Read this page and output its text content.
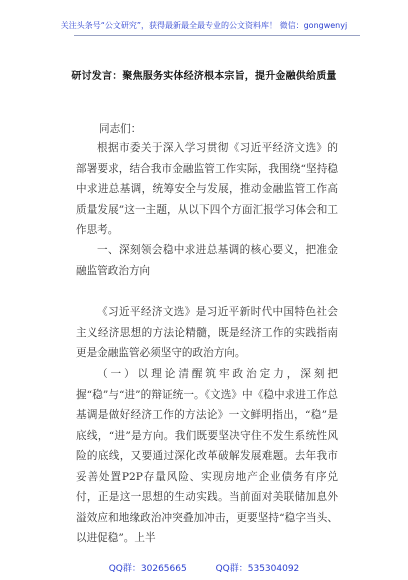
关注头条号“公文研究”，获得最新最全最专业的公文资料库！ 微信：gongwenyj
研讨发言：聚焦服务实体经济根本宗旨，提升金融供给质量
同志们：
根据市委关于深入学习贯彻《习近平经济文选》的部署要求，结合我市金融监管工作实际，我围绕“坚持稳中求进总基调，统筹安全与发展，推动金融监管工作高质量发展”这一主题，从以下四个方面汇报学习体会和工作思考。
一、深刻领会稳中求进总基调的核心要义，把准金融监管政治方向
《习近平经济文选》是习近平新时代中国特色社会主义经济思想的方法论精髓，既是经济工作的实践指南更是金融监管必须坚守的政治方向。
（一）以理论清醒筑牢政治定力，深刻把握“稳”与“进”的辩证统一。《文选》中《稳中求进工作总基调是做好经济工作的方法论》一文鲜明指出，“稳”是底线，“进”是方向。我们既要坚决守住不发生系统性风险的底线，又要通过深化改革破解发展难题。去年我市妥善处置P2P存量风险、实现房地产企业债务有序兑付，正是这一思想的生动实践。当前面对美联储加息外溢效应和地缘政治冲突叠加冲击，更要坚持“稳字当头、以进促稳”。上半
QQ群：30265665	QQ群：535304092
